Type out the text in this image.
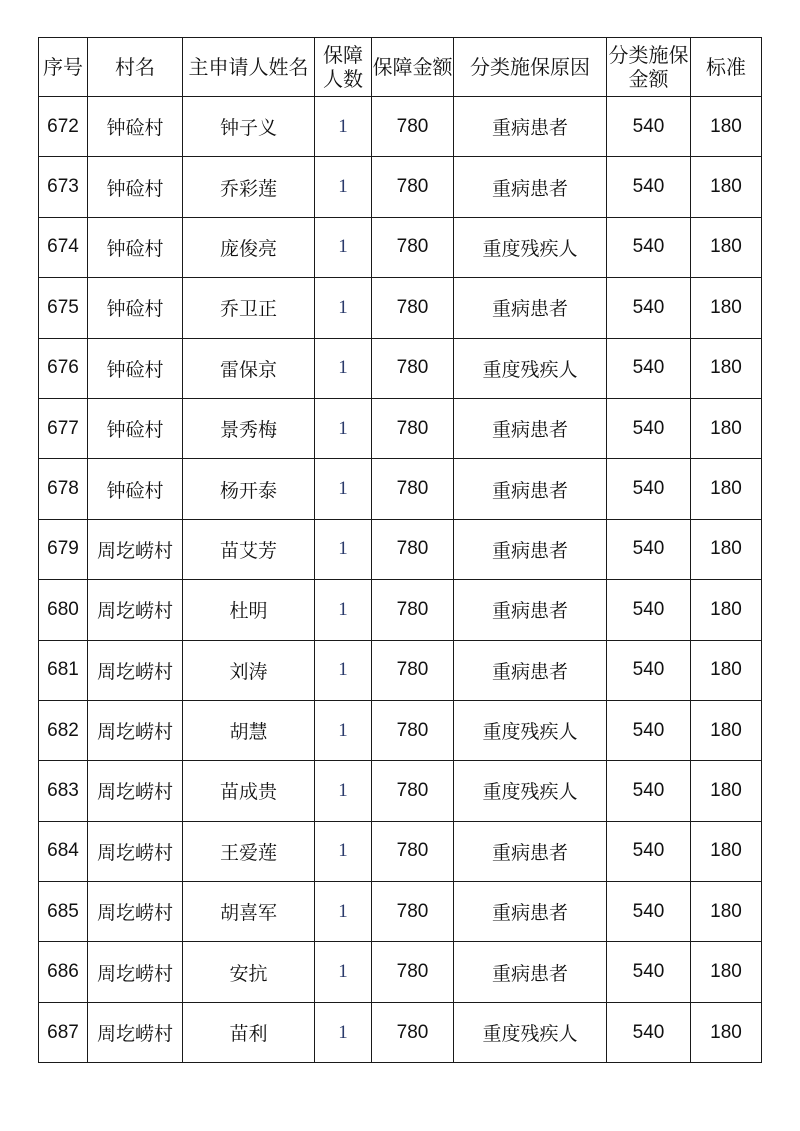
序号	村名	主申请人姓名	保障人数	保障金额	分类施保原因	分类施保金额	标准
672	钟硷村	钟子义	1	780	重病患者	540	180
673	钟硷村	乔彩莲	1	780	重病患者	540	180
674	钟硷村	庞俊亮	1	780	重度残疾人	540	180
675	钟硷村	乔卫正	1	780	重病患者	540	180
676	钟硷村	雷保京	1	780	重度残疾人	540	180
677	钟硷村	景秀梅	1	780	重病患者	540	180
678	钟硷村	杨开泰	1	780	重病患者	540	180
679	周圪崂村	苗艾芳	1	780	重病患者	540	180
680	周圪崂村	杜明	1	780	重病患者	540	180
681	周圪崂村	刘涛	1	780	重病患者	540	180
682	周圪崂村	胡慧	1	780	重度残疾人	540	180
683	周圪崂村	苗成贵	1	780	重度残疾人	540	180
684	周圪崂村	王爱莲	1	780	重病患者	540	180
685	周圪崂村	胡喜军	1	780	重病患者	540	180
686	周圪崂村	安抗	1	780	重病患者	540	180
687	周圪崂村	苗利	1	780	重度残疾人	540	180
